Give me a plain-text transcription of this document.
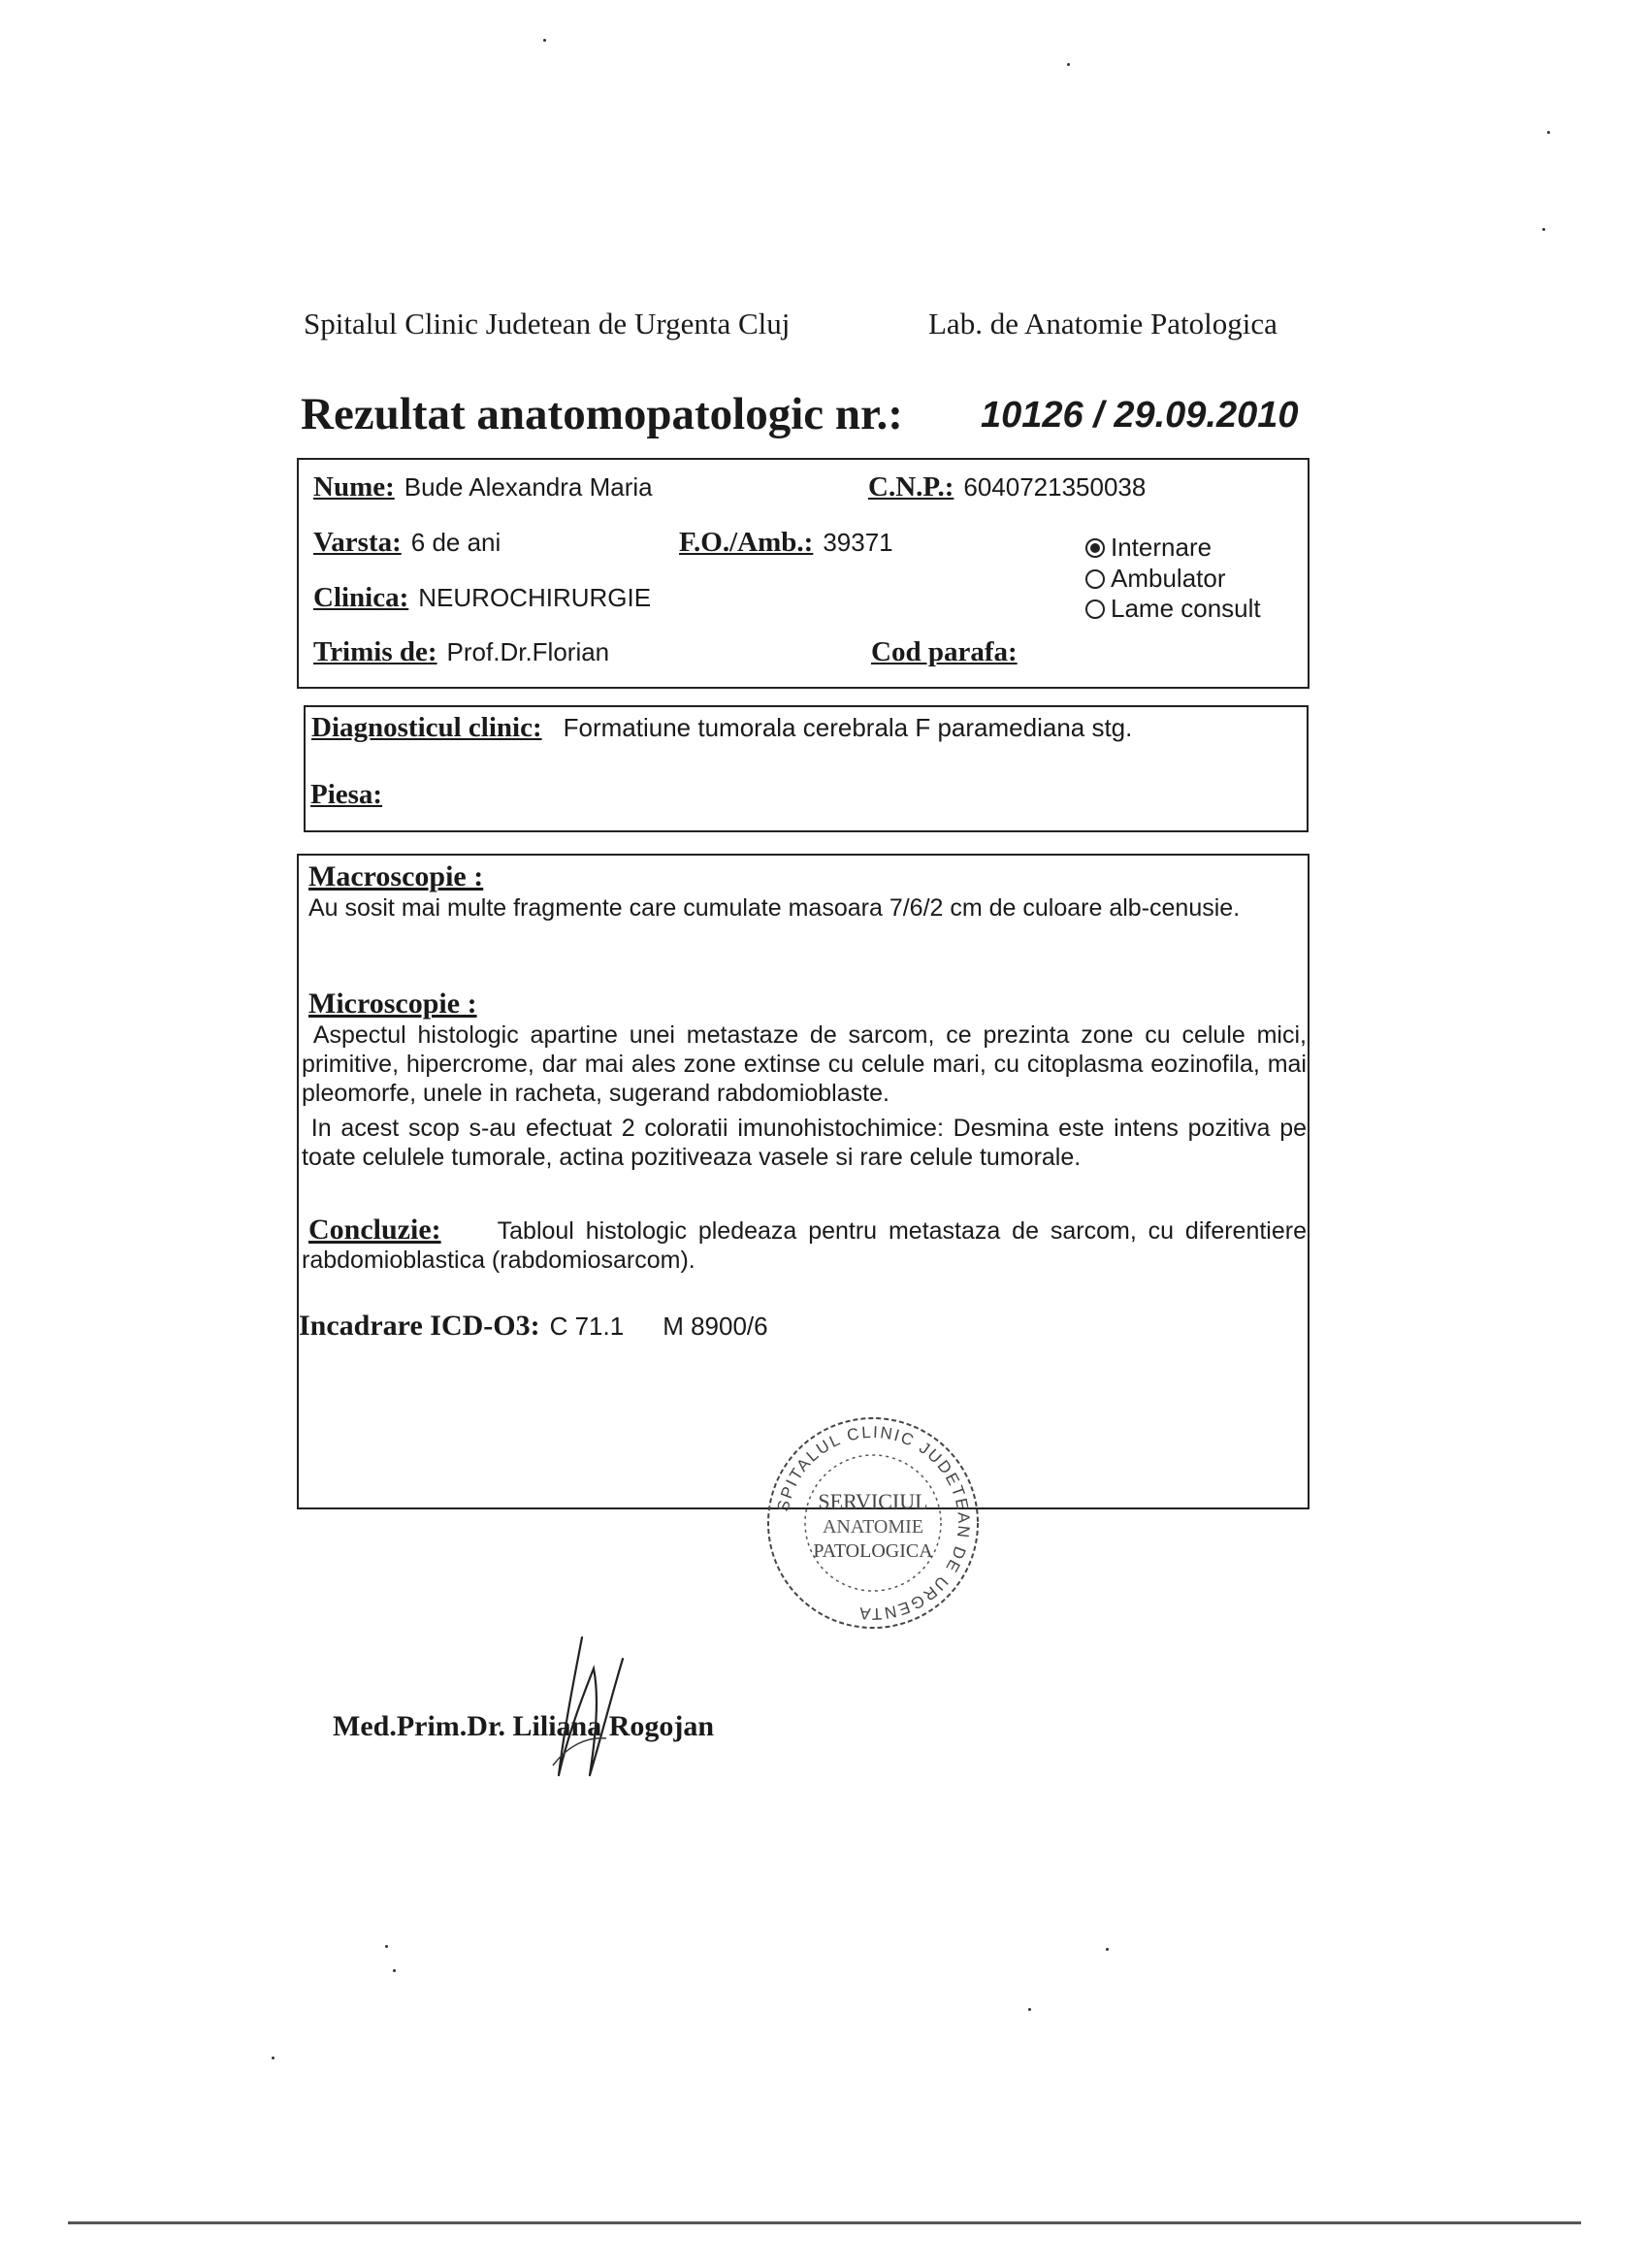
Spitalul Clinic Judetean de Urgenta Cluj	Lab. de Anatomie Patologica
Rezultat anatomopatologic nr.: 10126 / 29.09.2010
Nume: Bude Alexandra Maria	C.N.P.: 6040721350038
Varsta: 6 de ani	F.O./Amb.: 39371
Clinica: NEUROCHIRURGIE
Trimis de: Prof.Dr.Florian	Cod parafa:
Internare
Ambulator
Lame consult
Diagnosticul clinic: Formatiune tumorala cerebrala F paramediana stg.
Piesa:
Macroscopie :
Au sosit mai multe fragmente care cumulate masoara 7/6/2 cm de culoare alb-cenusie.
Microscopie :
Aspectul histologic apartine unei metastaze de sarcom, ce prezinta zone cu celule mici, primitive, hipercrome, dar mai ales zone extinse cu celule mari, cu citoplasma eozinofila, mai pleomorfe, unele in racheta, sugerand rabdomioblaste.
In acest scop s-au efectuat 2 coloratii imunohistochimice: Desmina este intens pozitiva pe toate celulele tumorale, actina pozitiveaza vasele si rare celule tumorale.
Concluzie: Tabloul histologic pledeaza pentru metastaza de sarcom, cu diferentiere rabdomioblastica (rabdomiosarcom).
Incadrare ICD-O3: C 71.1 M 8900/6
SPITALUL CLINIC JUDETEAN DE URGENTA
SERVICIUL
ANATOMIE
PATOLOGICA
Med.Prim.Dr. Liliana Rogojan
